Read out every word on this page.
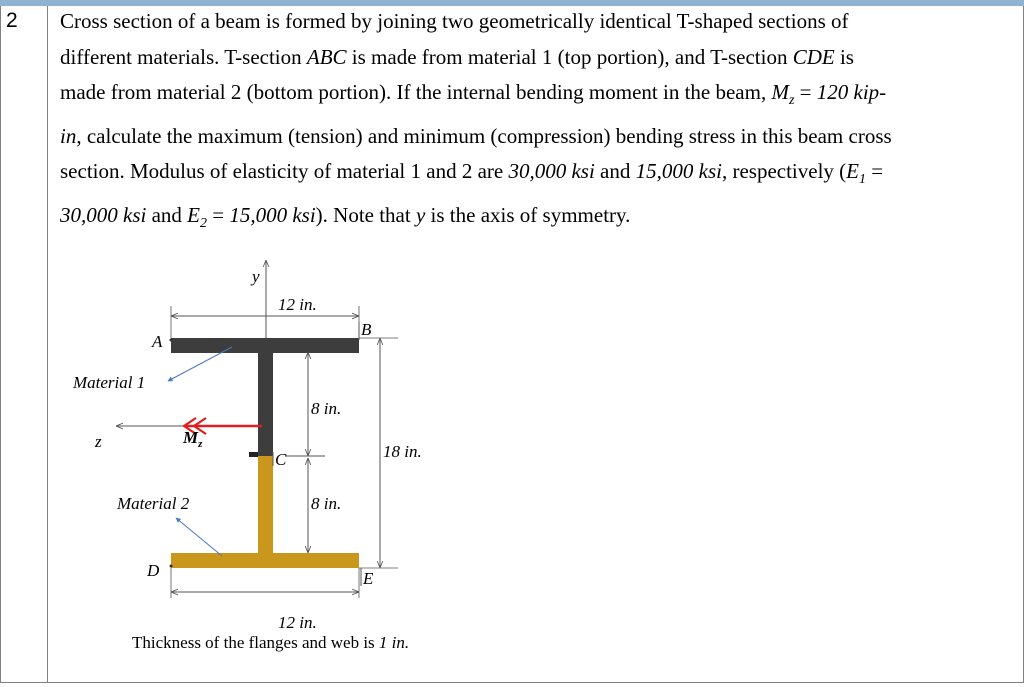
2 Cross section of a beam is formed by joining two geometrically identical T-shaped sections of
different materials. T-section ABC is made from material 1 (top portion), and T-section CDE is
made from material 2 (bottom portion). If the internal bending moment in the beam, $M_z = 120$ kip-
in, calculate the maximum (tension) and minimum (compression) bending stress in this beam cross
section. Modulus of elasticity of material 1 and 2 are 30,000 ksi and 15,000 ksi, respectively ($E_1$ =
30,000 ksi and $E_2 = 15,000$ ksi). Note that y is the axis of symmetry.
y
12 in.
A
B
C
D	E
8 in.
8 in.
18 in.
12 in.
z	$M_z$
Material 1
Material 2
Thickness of the flanges and web is 1 in.
